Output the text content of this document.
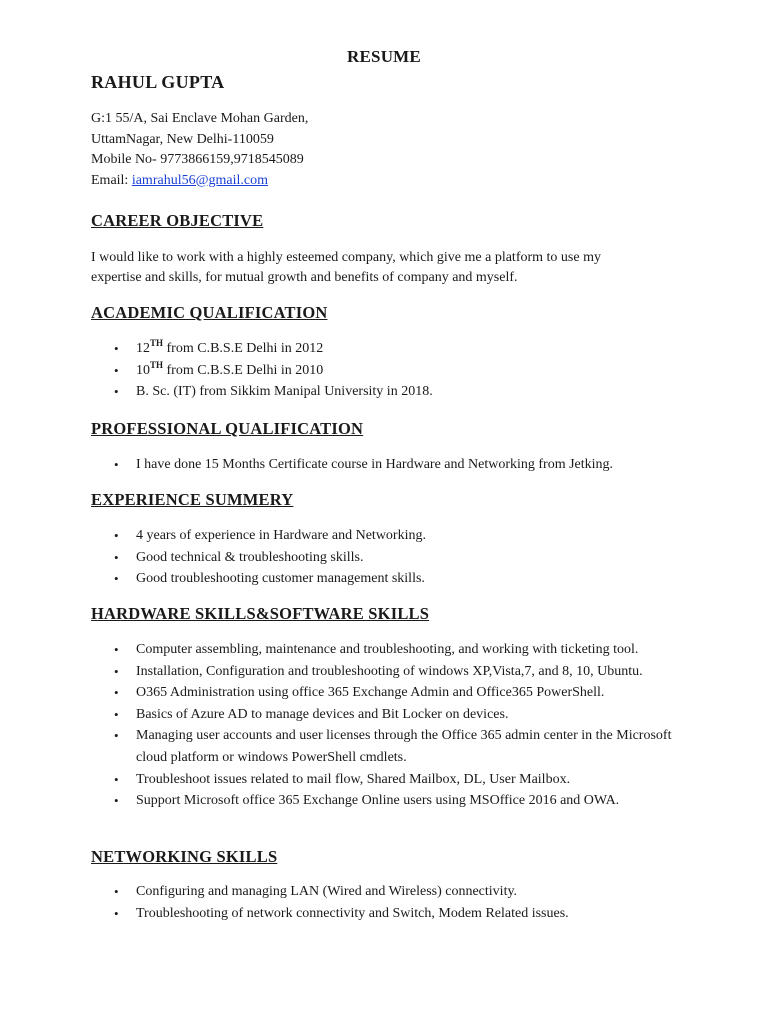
RESUME
RAHUL GUPTA
G:1 55/A, Sai Enclave Mohan Garden,
UttamNagar, New Delhi-110059
Mobile No- 9773866159,9718545089
Email: iamrahul56@gmail.com
CAREER OBJECTIVE
I would like to work with a highly esteemed company, which give me a platform to use my expertise and skills, for mutual growth and benefits of company and myself.
ACADEMIC QUALIFICATION
• 12TH from C.B.S.E Delhi in 2012
• 10TH from C.B.S.E Delhi in 2010
• B. Sc. (IT) from Sikkim Manipal University in 2018.
PROFESSIONAL QUALIFICATION
• I have done 15 Months Certificate course in Hardware and Networking from Jetking.
EXPERIENCE SUMMERY
• 4 years of experience in Hardware and Networking.
• Good technical & troubleshooting skills.
• Good troubleshooting customer management skills.
HARDWARE SKILLS&SOFTWARE SKILLS
• Computer assembling, maintenance and troubleshooting, and working with ticketing tool.
• Installation, Configuration and troubleshooting of windows XP,Vista,7, and 8, 10, Ubuntu.
• O365 Administration using office 365 Exchange Admin and Office365 PowerShell.
• Basics of Azure AD to manage devices and Bit Locker on devices.
• Managing user accounts and user licenses through the Office 365 admin center in the Microsoft cloud platform or windows PowerShell cmdlets.
• Troubleshoot issues related to mail flow, Shared Mailbox, DL, User Mailbox.
• Support Microsoft office 365 Exchange Online users using MSOffice 2016 and OWA.
NETWORKING SKILLS
• Configuring and managing LAN (Wired and Wireless) connectivity.
• Troubleshooting of network connectivity and Switch, Modem Related issues.
